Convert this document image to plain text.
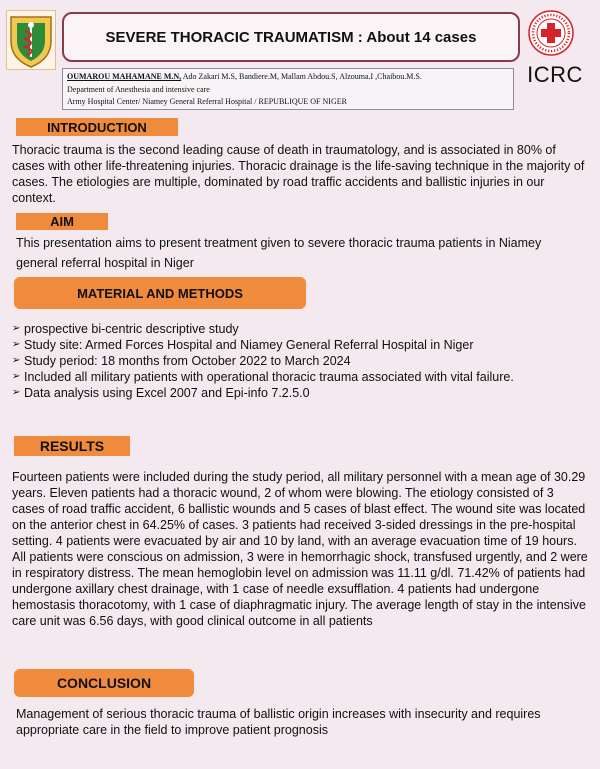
SEVERE THORACIC TRAUMATISM : About 14 cases
ICRC
OUMAROU MAHAMANE M.N, Ado Zakari M.S, Bandiere.M, Mallam Abdou.S, Alzouma.I ,Chaibou.M.S.
Department of Anesthesia and intensive care
Army Hospital Center/ Niamey General Referral Hospital / REPUBLIQUE OF NIGER
INTRODUCTION
Thoracic trauma is the second leading cause of death in traumatology, and is associated in 80% of cases with other life-threatening injuries. Thoracic drainage is the life-saving technique in the majority of cases. The etiologies are multiple, dominated by road traffic accidents and ballistic injuries in our context.
AIM
This presentation aims to present treatment given to severe thoracic trauma patients in Niamey general referral hospital in Niger
MATERIAL AND METHODS
➢ prospective bi-centric descriptive study
➢ Study site: Armed Forces Hospital and Niamey General Referral Hospital in Niger
➢ Study period: 18 months from October 2022 to March 2024
➢ Included all military patients with operational thoracic trauma associated with vital failure.
➢ Data analysis using Excel 2007 and Epi-info 7.2.5.0
RESULTS
Fourteen patients were included during the study period, all military personnel with a mean age of 30.29 years. Eleven patients had a thoracic wound, 2 of whom were blowing. The etiology consisted of 3 cases of road traffic accident, 6 ballistic wounds and 5 cases of blast effect. The wound site was located on the anterior chest in 64.25% of cases. 3 patients had received 3-sided dressings in the pre-hospital setting. 4 patients were evacuated by air and 10 by land, with an average evacuation time of 19 hours. All patients were conscious on admission, 3 were in hemorrhagic shock, transfused urgently, and 2 were in respiratory distress. The mean hemoglobin level on admission was 11.11 g/dl. 71.42% of patients had undergone axillary chest drainage, with 1 case of needle exsufflation. 4 patients had undergone hemostasis thoracotomy, with 1 case of diaphragmatic injury. The average length of stay in the intensive care unit was 6.56 days, with good clinical outcome in all patients
CONCLUSION
Management of serious thoracic trauma of ballistic origin increases with insecurity and requires appropriate care in the field to improve patient prognosis
